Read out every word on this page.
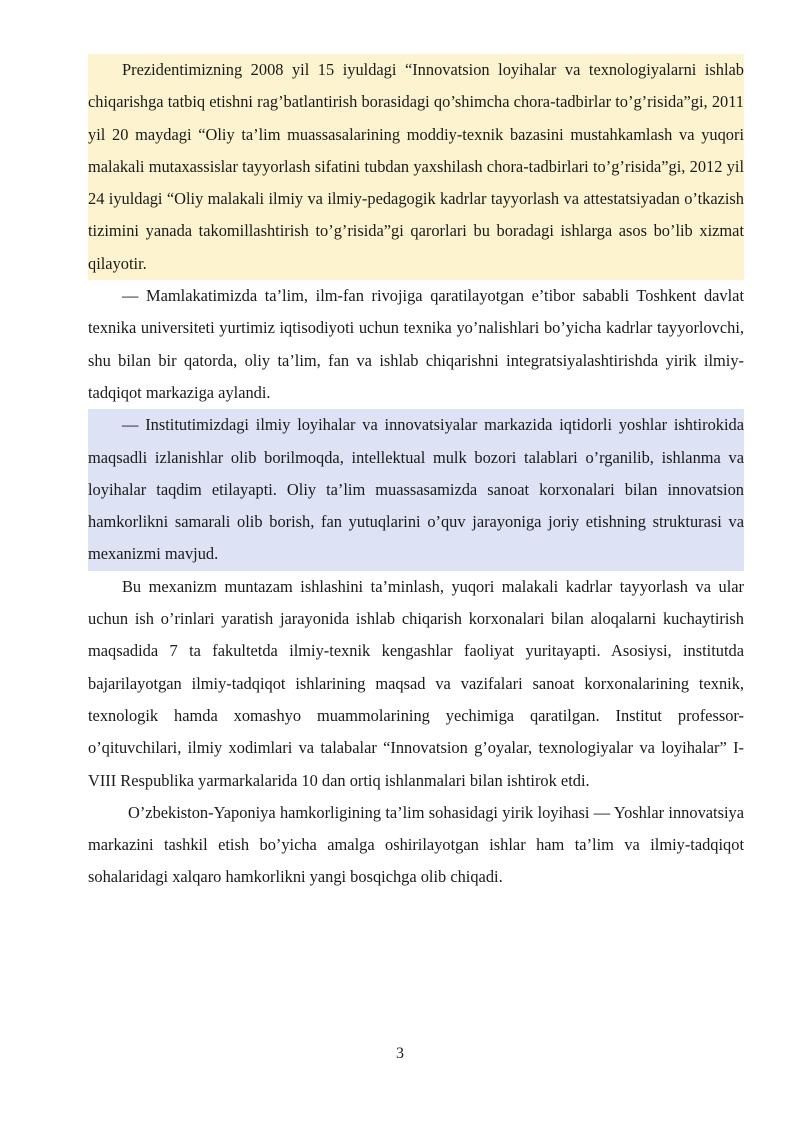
Prezidentimizning 2008 yil 15 iyuldagi “Innovatsion loyihalar va texnologiyalarni ishlab chiqarishga tatbiq etishni rag’batlantirish borasidagi qo’shimcha chora-tadbirlar to’g’risida”gi, 2011 yil 20 maydagi “Oliy ta’lim muassasalarining moddiy-texnik bazasini mustahkamlash va yuqori malakali mutaxassislar tayyorlash sifatini tubdan yaxshilash chora-tadbirlari to’g’risida”gi, 2012 yil 24 iyuldagi “Oliy malakali ilmiy va ilmiy-pedagogik kadrlar tayyorlash va attestatsiyadan o’tkazish tizimini yanada takomillashtirish to’g’risida”gi qarorlari bu boradagi ishlarga asos bo’lib xizmat qilayotir.

— Mamlakatimizda ta’lim, ilm-fan rivojiga qaratilayotgan e’tibor sababli Toshkent davlat texnika universiteti yurtimiz iqtisodiyoti uchun texnika yo’nalishlari bo’yicha kadrlar tayyorlovchi, shu bilan bir qatorda, oliy ta’lim, fan va ishlab chiqarishni integratsiyalashtirishda yirik ilmiy-tadqiqot markaziga aylandi.

— Institutimizdagi ilmiy loyihalar va innovatsiyalar markazida iqtidorli yoshlar ishtirokida maqsadli izlanishlar olib borilmoqda, intellektual mulk bozori talablari o’rganilib, ishlanma va loyihalar taqdim etilayapti. Oliy ta’lim muassasamizda sanoat korxonalari bilan innovatsion hamkorlikni samarali olib borish, fan yutuqlarini o’quv jarayoniga joriy etishning strukturasi va mexanizmi mavjud.

Bu mexanizm muntazam ishlashini ta’minlash, yuqori malakali kadrlar tayyorlash va ular uchun ish o’rinlari yaratish jarayonida ishlab chiqarish korxonalari bilan aloqalarni kuchaytirish maqsadida 7 ta fakultetda ilmiy-texnik kengashlar faoliyat yuritayapti. Asosiysi, institutda bajarilayotgan ilmiy-tadqiqot ishlarining maqsad va vazifalari sanoat korxonalarining texnik, texnologik hamda xomashyo muammolarining yechimiga qaratilgan. Institut professor-o’qituvchilari, ilmiy xodimlari va talabalar “Innovatsion g’oyalar, texnologiyalar va loyihalar” I-VIII Respublika yarmarkalarida 10 dan ortiq ishlanmalari bilan ishtirok etdi.

O’zbekiston-Yaponiya hamkorligining ta’lim sohasidagi yirik loyihasi — Yoshlar innovatsiya markazini tashkil etish bo’yicha amalga oshirilayotgan ishlar ham ta’lim va ilmiy-tadqiqot sohalaridagi xalqaro hamkorlikni yangi bosqichga olib chiqadi.

3
